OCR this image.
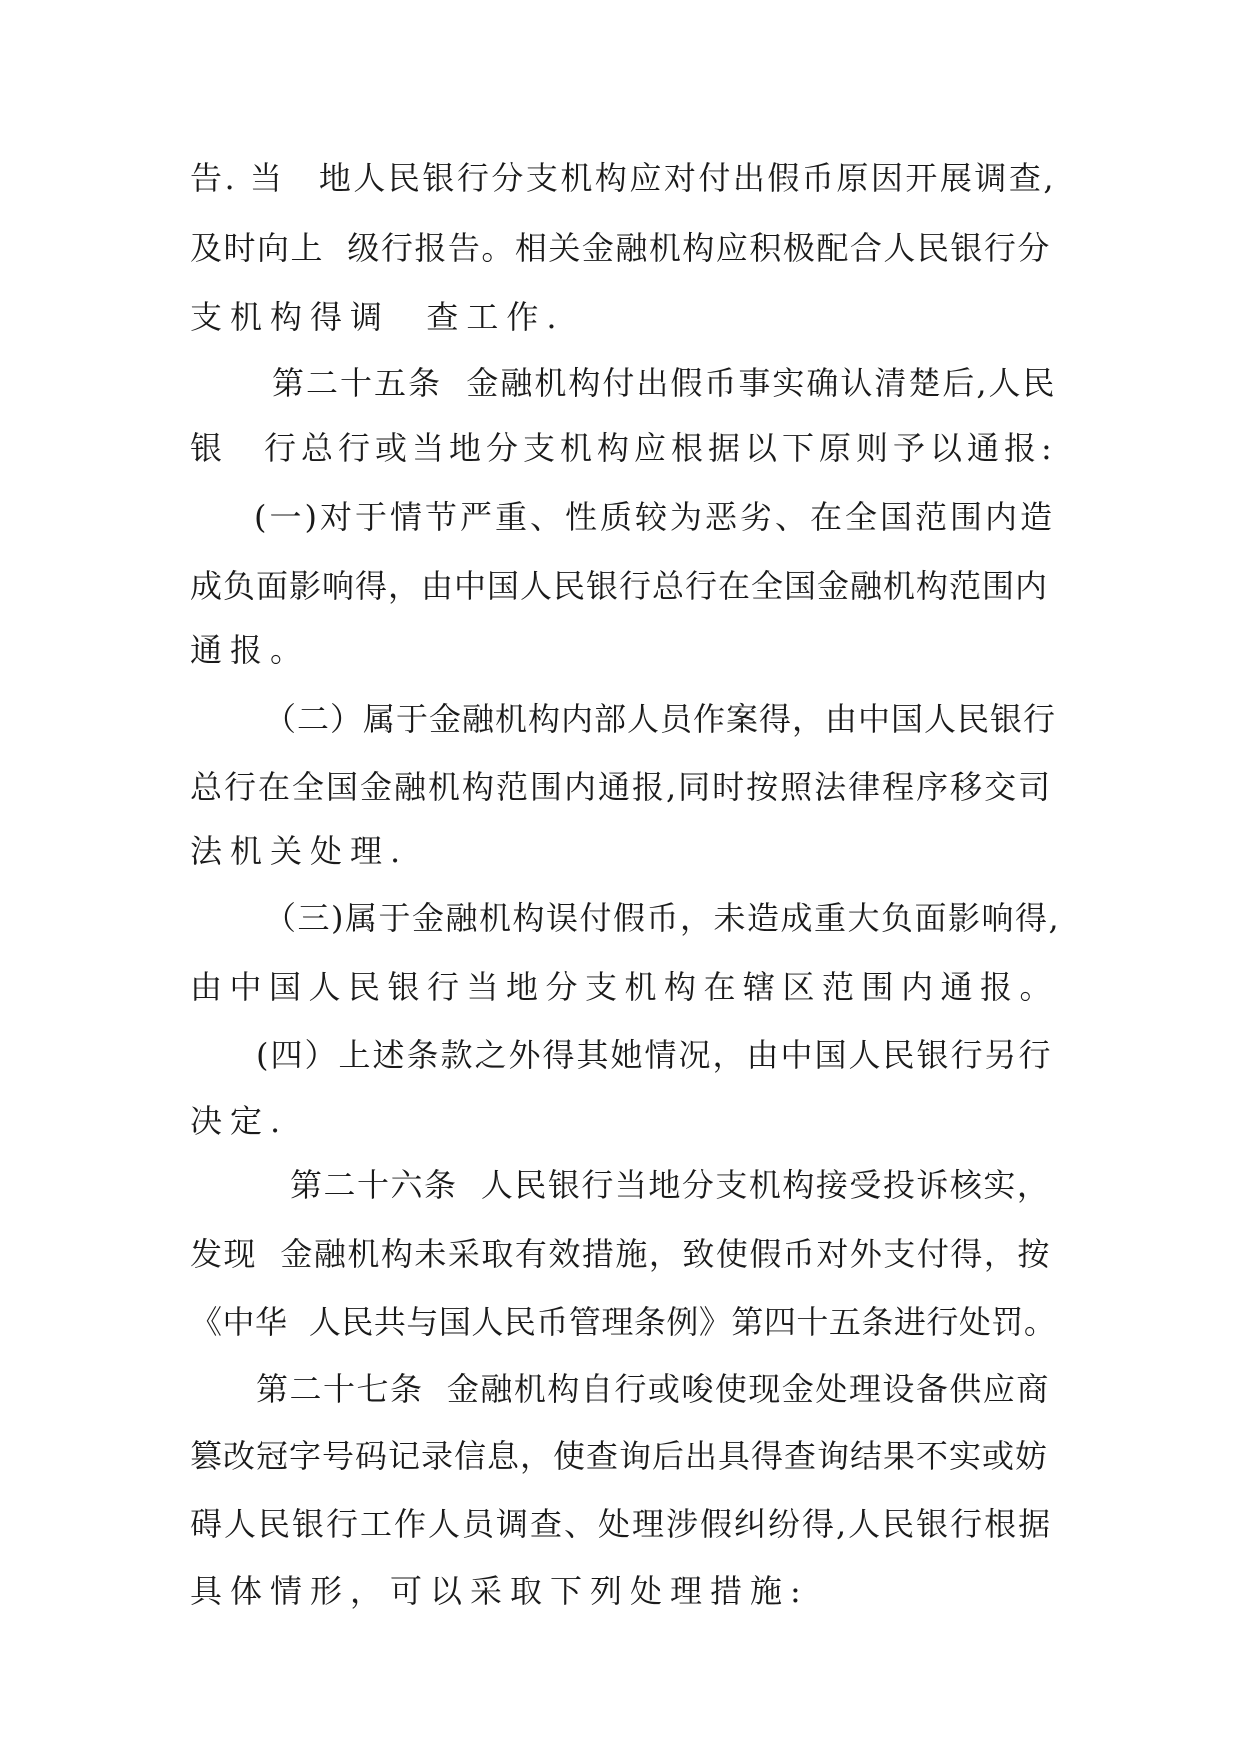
告. 当　地人民银行分支机构应对付出假币原因开展调查,
及时向上  级行报告。相关金融机构应积极配合人民银行分
支机构得调  查工作.
第二十五条  金融机构付出假币事实确认清楚后,人民
银　行总行或当地分支机构应根据以下原则予以通报:
(一)对于情节严重、性质较为恶劣、在全国范围内造
成负面影响得，由中国人民银行总行在全国金融机构范围内
通报。
（二）属于金融机构内部人员作案得，由中国人民银行
总行在全国金融机构范围内通报,同时按照法律程序移交司
法机关处理.
（三)属于金融机构误付假币，未造成重大负面影响得,
由中国人民银行当地分支机构在辖区范围内通报。
(四）上述条款之外得其她情况，由中国人民银行另行
决定.
第二十六条  人民银行当地分支机构接受投诉核实，
发现  金融机构未采取有效措施，致使假币对外支付得，按
《中华  人民共与国人民币管理条例》第四十五条进行处罚。
第二十七条  金融机构自行或唆使现金处理设备供应商
篡改冠字号码记录信息，使查询后出具得查询结果不实或妨
碍人民银行工作人员调查、处理涉假纠纷得,人民银行根据
具体情形，可以采取下列处理措施:
